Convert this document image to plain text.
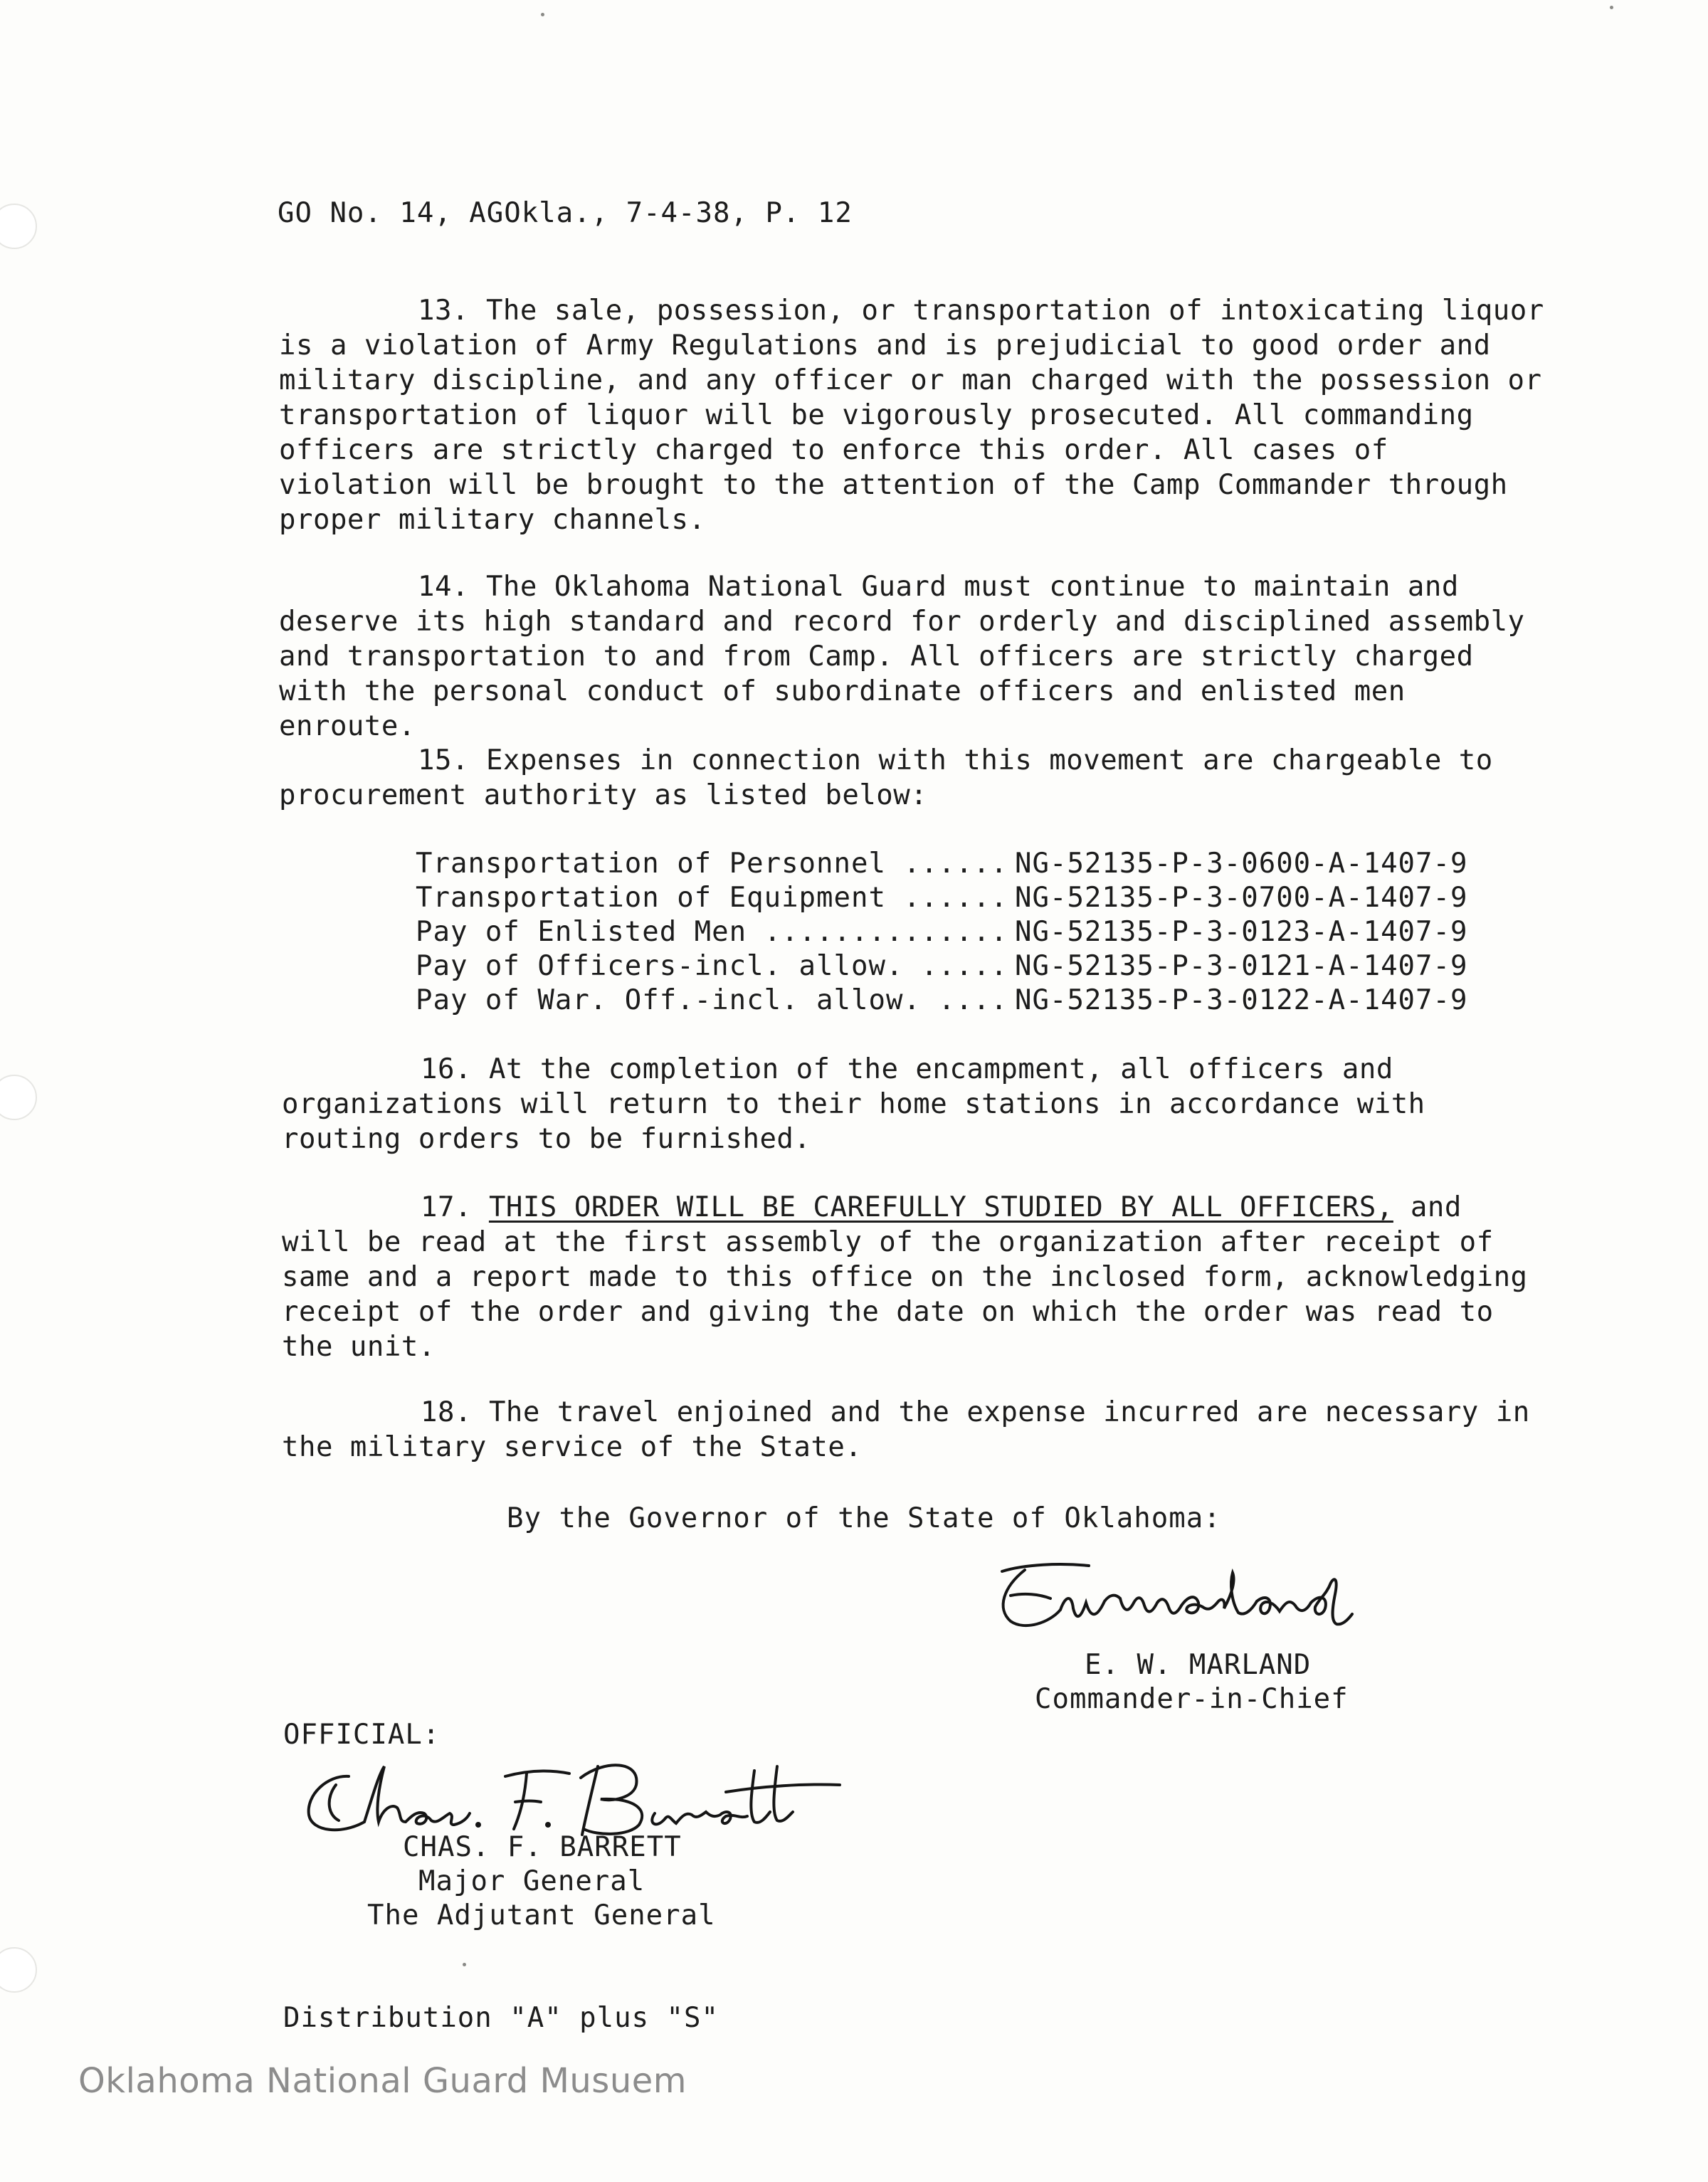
GO No. 14, AGOkla., 7-4-38, P. 12

13. The sale, possession, or transportation of intoxicating liquor is a violation of Army Regulations and is prejudicial to good order and military discipline, and any officer or man charged with the possession or transportation of liquor will be vigorously prosecuted. All commanding officers are strictly charged to enforce this order. All cases of violation will be brought to the attention of the Camp Commander through proper military channels.
14. The Oklahoma National Guard must continue to maintain and deserve its high standard and record for orderly and disciplined assembly and transportation to and from Camp. All officers are strictly charged with the personal conduct of subordinate officers and enlisted men enroute.
15. Expenses in connection with this movement are chargeable to procurement authority as listed below:
Transportation of Personnel ...... NG-52135-P-3-0600-A-1407-9
Transportation of Equipment ...... NG-52135-P-3-0700-A-1407-9
Pay of Enlisted Men .............. NG-52135-P-3-0123-A-1407-9
Pay of Officers-incl. allow. ..... NG-52135-P-3-0121-A-1407-9
Pay of War. Off.-incl. allow. .... NG-52135-P-3-0122-A-1407-9
16. At the completion of the encampment, all officers and organizations will return to their home stations in accordance with routing orders to be furnished.
17. THIS ORDER WILL BE CAREFULLY STUDIED BY ALL OFFICERS, and will be read at the first assembly of the organization after receipt of same and a report made to this office on the inclosed form, acknowledging receipt of the order and giving the date on which the order was read to the unit.
18. The travel enjoined and the expense incurred are necessary in the military service of the State.

By the Governor of the State of Oklahoma:

E. W. MARLAND

Commander-in-Chief

OFFICIAL:

CHAS. F. BARRETT

Major General

The Adjutant General

Distribution "A" plus "S"

Oklahoma National Guard Musuem
